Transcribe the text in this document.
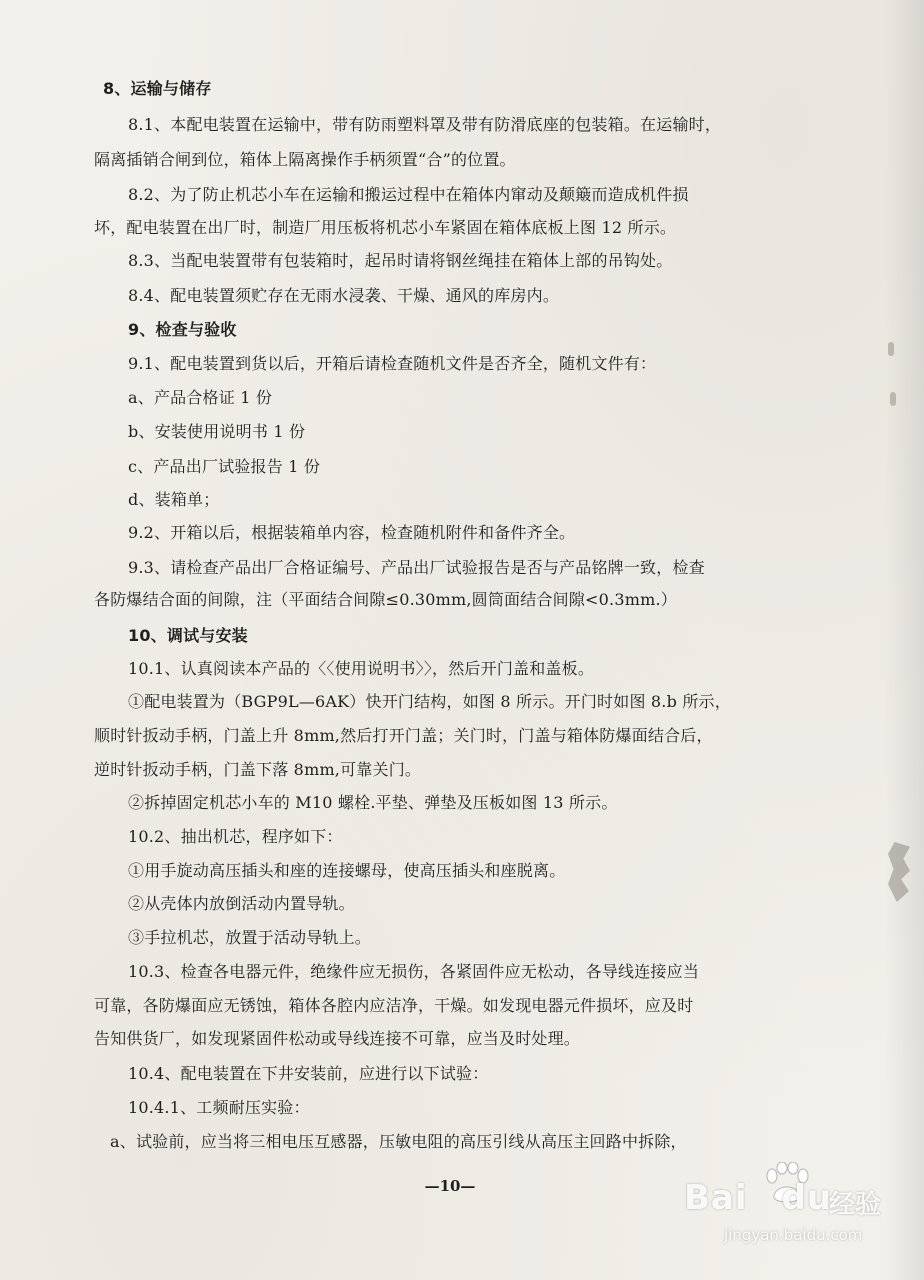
8、运输与储存
8.1、本配电装置在运输中，带有防雨塑料罩及带有防滑底座的包装箱。在运输时，
隔离插销合闸到位，箱体上隔离操作手柄须置“合”的位置。
8.2、为了防止机芯小车在运输和搬运过程中在箱体内窜动及颠簸而造成机件损
坏，配电装置在出厂时，制造厂用压板将机芯小车紧固在箱体底板上图 12 所示。
8.3、当配电装置带有包装箱时，起吊时请将钢丝绳挂在箱体上部的吊钩处。
8.4、配电装置须贮存在无雨水浸袭、干燥、通风的库房内。
9、检查与验收
9.1、配电装置到货以后，开箱后请检查随机文件是否齐全，随机文件有：
a、产品合格证 1 份
b、安装使用说明书 1 份
c、产品出厂试验报告 1 份
d、装箱单；
9.2、开箱以后，根据装箱单内容，检查随机附件和备件齐全。
9.3、请检查产品出厂合格证编号、产品出厂试验报告是否与产品铭牌一致，检查
各防爆结合面的间隙，注（平面结合间隙≤0.30mm,圆筒面结合间隙<0.3mm.）
10、调试与安装
10.1、认真阅读本产品的〈〈使用说明书〉〉，然后开门盖和盖板。
①配电装置为（BGP9L—6AK）快开门结构，如图 8 所示。开门时如图 8.b 所示，
顺时针扳动手柄，门盖上升 8mm,然后打开门盖；关门时，门盖与箱体防爆面结合后，
逆时针扳动手柄，门盖下落 8mm,可靠关门。
②拆掉固定机芯小车的 M10 螺栓.平垫、弹垫及压板如图 13 所示。
10.2、抽出机芯，程序如下：
①用手旋动高压插头和座的连接螺母，使高压插头和座脱离。
②从壳体内放倒活动内置导轨。
③手拉机芯，放置于活动导轨上。
10.3、检查各电器元件，绝缘件应无损伤，各紧固件应无松动，各导线连接应当
可靠，各防爆面应无锈蚀，箱体各腔内应洁净，干燥。如发现电器元件损坏，应及时
告知供货厂，如发现紧固件松动或导线连接不可靠，应当及时处理。
10.4、配电装置在下井安装前，应进行以下试验：
10.4.1、工频耐压实验：
a、试验前，应当将三相电压互感器，压敏电阻的高压引线从高压主回路中拆除，
—10—	Bai du
经验
jingyan.baidu.com
